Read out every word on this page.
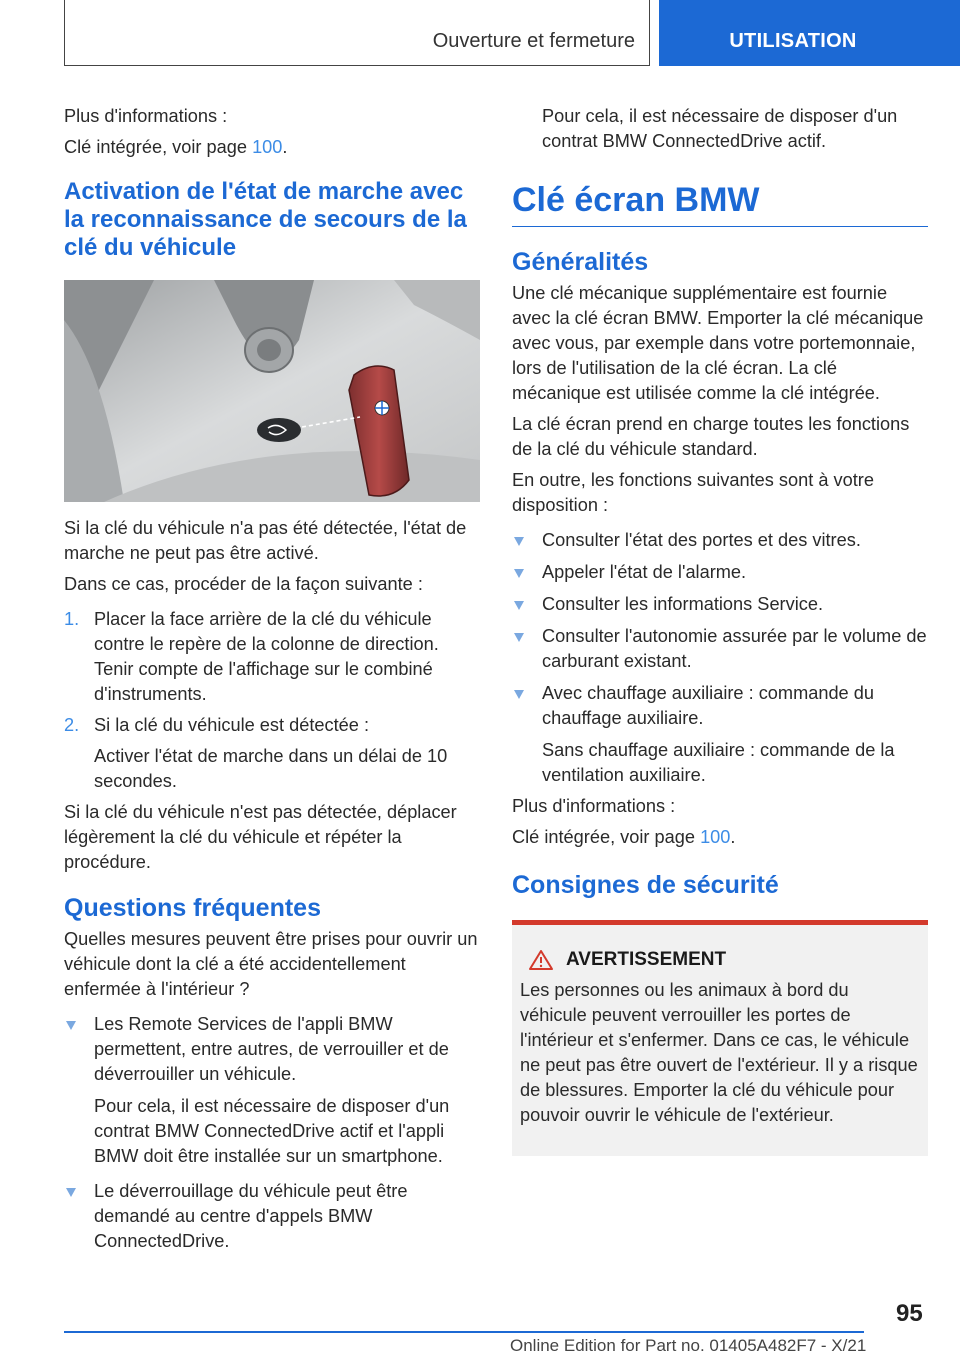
Ouverture et fermeture	UTILISATION

Plus d'informations :

Clé intégrée, voir page 100.

Activation de l'état de marche avec la reconnaissance de secours de la clé du véhicule

Si la clé du véhicule n'a pas été détectée, l'état de marche ne peut pas être activé.

Dans ce cas, procéder de la façon suivante :

1. Placer la face arrière de la clé du véhicule contre le repère de la colonne de direction. Tenir compte de l'affichage sur le combiné d'instruments.
2. Si la clé du véhicule est détectée :

Activer l'état de marche dans un délai de 10 secondes.

Si la clé du véhicule n'est pas détectée, déplacer légèrement la clé du véhicule et répéter la procédure.

Questions fréquentes

Quelles mesures peuvent être prises pour ouvrir un véhicule dont la clé a été accidentellement enfermée à l'intérieur ?

Les Remote Services de l'appli BMW permettent, entre autres, de verrouiller et de déverrouiller un véhicule.

Pour cela, il est nécessaire de disposer d'un contrat BMW ConnectedDrive actif et l'appli BMW doit être installée sur un smartphone.

Le déverrouillage du véhicule peut être demandé au centre d'appels BMW ConnectedDrive.

Pour cela, il est nécessaire de disposer d'un contrat BMW ConnectedDrive actif.

Clé écran BMW
Généralités

Une clé mécanique supplémentaire est fournie avec la clé écran BMW. Emporter la clé mécanique avec vous, par exemple dans votre portemonnaie, lors de l'utilisation de la clé écran. La clé mécanique est utilisée comme la clé intégrée.

La clé écran prend en charge toutes les fonctions de la clé du véhicule standard.

En outre, les fonctions suivantes sont à votre disposition :

Consulter l'état des portes et des vitres.
Appeler l'état de l'alarme.
Consulter les informations Service.
Consulter l'autonomie assurée par le volume de carburant existant.
Avec chauffage auxiliaire : commande du chauffage auxiliaire.

Sans chauffage auxiliaire : commande de la ventilation auxiliaire.

Plus d'informations :

Clé intégrée, voir page 100.

Consignes de sécurité
AVERTISSEMENT

Les personnes ou les animaux à bord du véhicule peuvent verrouiller les portes de l'intérieur et s'enfermer. Dans ce cas, le véhicule ne peut pas être ouvert de l'extérieur. Il y a risque de blessures. Emporter la clé du véhicule pour pouvoir ouvrir le véhicule de l'extérieur.

95
Online Edition for Part no. 01405A482F7 - X/21
